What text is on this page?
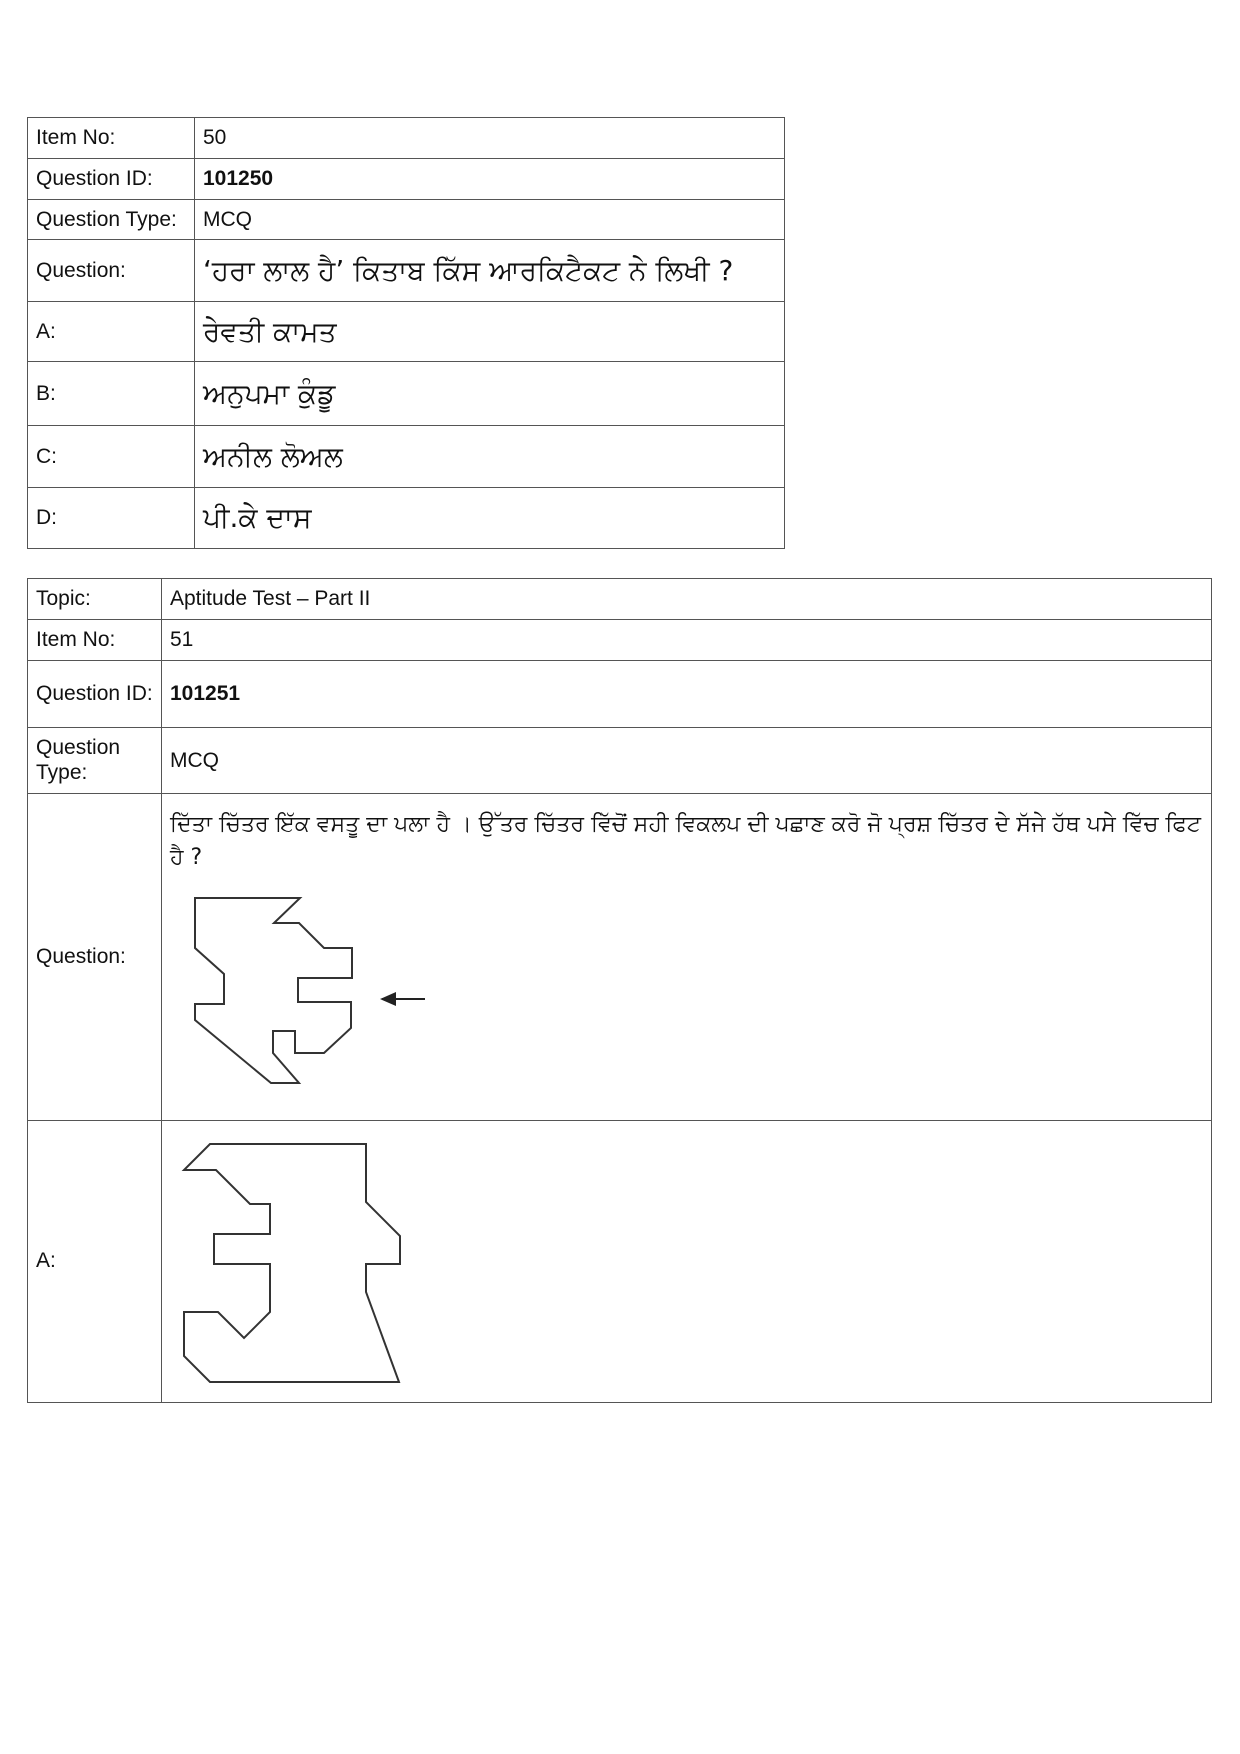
Item No:	50
Question ID:	101250
Question Type:	MCQ
Question:	‘ਹਰਾ ਲਾਲ ਹੈ’ ਕਿਤਾਬ ਕਿੱਸ ਆਰਕਿਟੈਕਟ ਨੇ ਲਿਖੀ ?
A:	ਰੇਵਤੀ ਕਾਮਤ
B:	ਅਨੁਪਮਾ ਕੁੰਡੂ
C:	ਅਨੀਲ ਲੋਅਲ
D:	ਪੀ.ਕੇ ਦਾਸ
Topic:	Aptitude Test – Part II
Item No:	51
Question ID:	101251
Question Type:	MCQ
Question:	ਦਿੱਤਾ ਚਿੱਤਰ ਇੱਕ ਵਸਤੂ ਦਾ ਪਲਾ ਹੈ । ਉੱਤਰ ਚਿੱਤਰ ਵਿੱਚੋਂ ਸਹੀ ਵਿਕਲਪ ਦੀ ਪਛਾਣ ਕਰੋ ਜੋ ਪ੍ਰਸ਼ ਚਿੱਤਰ ਦੇ ਸੱਜੇ ਹੱਥ ਪਸੇ ਵਿੱਚ ਫਿਟ ਹੈ ?

A:	
